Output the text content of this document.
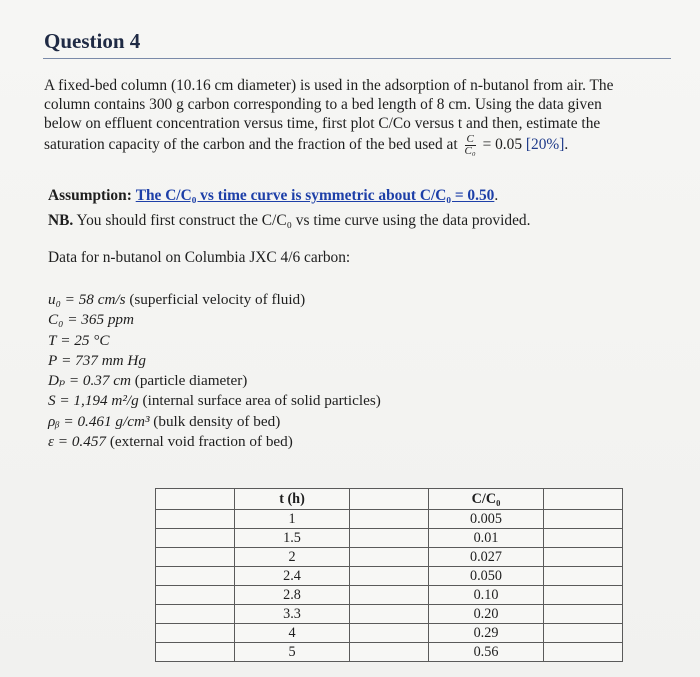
Question 4
A fixed-bed column (10.16 cm diameter) is used in the adsorption of n-butanol from air. The
column contains 300 g carbon corresponding to a bed length of 8 cm. Using the data given
below on effluent concentration versus time, first plot C/Co versus t and then, estimate the
saturation capacity of the carbon and the fraction of the bed used at $\frac{C}{\text{C₀}} = 0.05$ [20%].
Assumption: The C/C₀ vs time curve is symmetric about C/C₀ = 0.50.
NB. You should first construct the C/C₀ vs time curve using the data provided.
Data for n-butanol on Columbia JXC 4/6 carbon:
u₀ = 58 cm/s (superficial velocity of fluid)
C₀ = 365 ppm
T = 25 °C
P = 737 mm Hg
Dₚ = 0.37 cm (particle diameter)
S = 1,194 m²/g (internal surface area of solid particles)
ρᵦ = 0.461 g/cm³ (bulk density of bed)
ε = 0.457 (external void fraction of bed)
	t (h)		C/C₀	
	1		0.005	
	1.5		0.01	
	2		0.027	
	2.4		0.050	
	2.8		0.10	
	3.3		0.20	
	4		0.29	
	5		0.56	
